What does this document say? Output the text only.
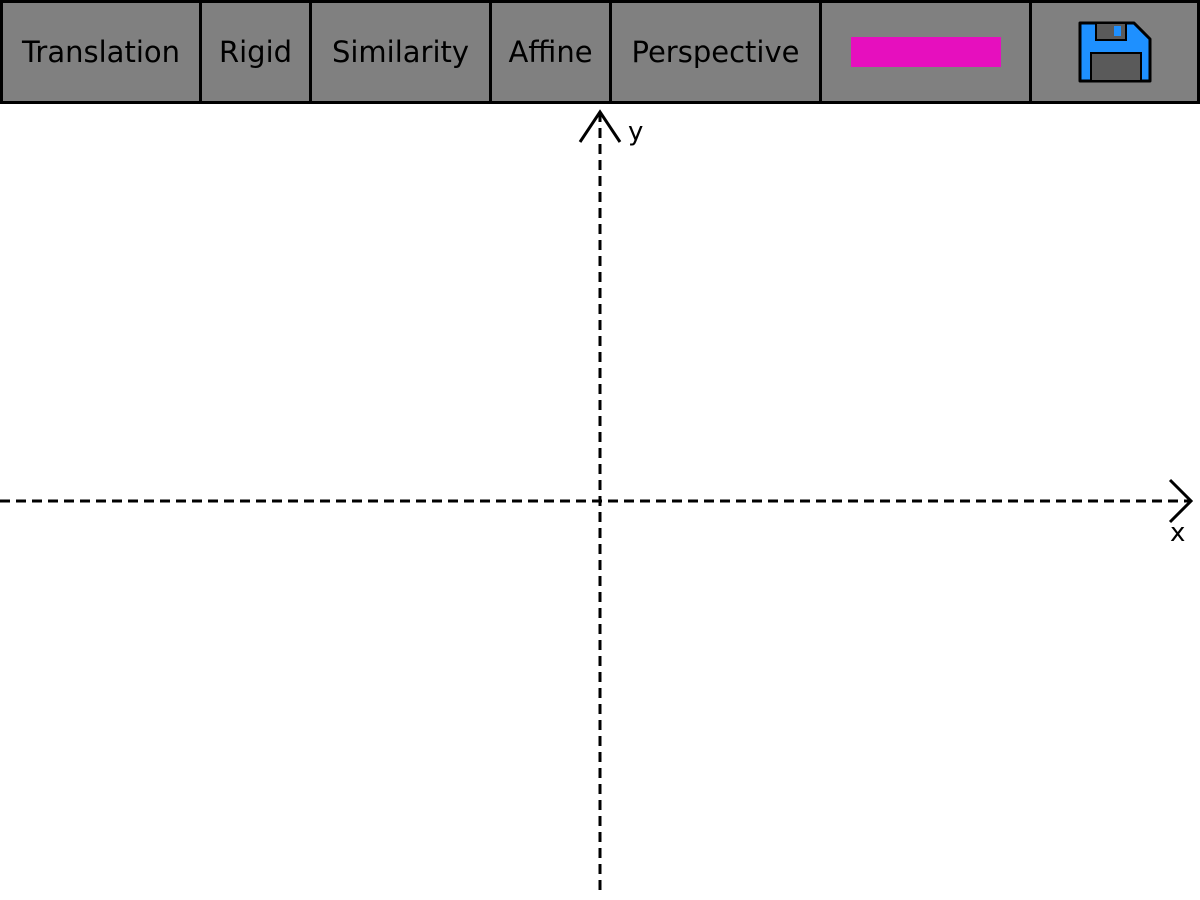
Translation Rigid Similarity Affine Perspective
x
y
